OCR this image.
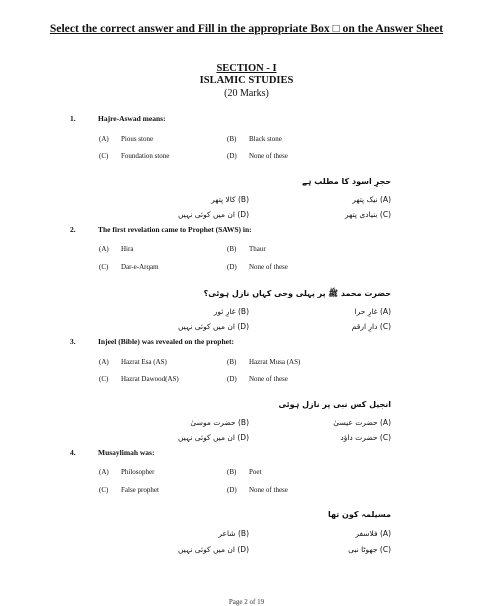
Select the correct answer and Fill in the appropriate Box □ on the Answer Sheet
SECTION - I
ISLAMIC STUDIES
(20 Marks)
1.	Hajre-Aswad means:
(A) Pious stone	(B) Black stone
(C) Foundation stone	(D) None of these
حجرِ اسود کا مطلب ہے
(A) نیک پتھر
(B) کالا پتھر
(C) بنیادی پتھر
(D) ان میں کوئی نہیں
2.	The first revelation came to Prophet (SAWS) in:
(A) Hira	(B) Thaur
(C) Dar-e-Arqam	(D) None of these
حضرت محمد ﷺ پر پہلی وحی کہاں نازل ہوئی؟
(A) غارِ حرا
(B) غارِ ثور
(C) دارِ ارقم
(D) ان میں کوئی نہیں
3.	Injeel (Bible) was revealed on the prophet:
(A) Hazrat Esa (AS)	(B) Hazrat Musa (AS)
(C) Hazrat Dawood(AS)	(D) None of these
انجیل کس نبی پر نازل ہوئی
(A) حضرت عیسیٰ
(B) حضرت موسیٰ
(C) حضرت داؤد
(D) ان میں کوئی نہیں
4.	Musaylimah was:
(A) Philosopher	(B) Poet
(C) False prophet	(D) None of these
مسیلمہ کون تھا
(A) فلاسفر
(B) شاعر
(C) جھوٹا نبی
(D) ان میں کوئی نہیں
Page 2 of 19
